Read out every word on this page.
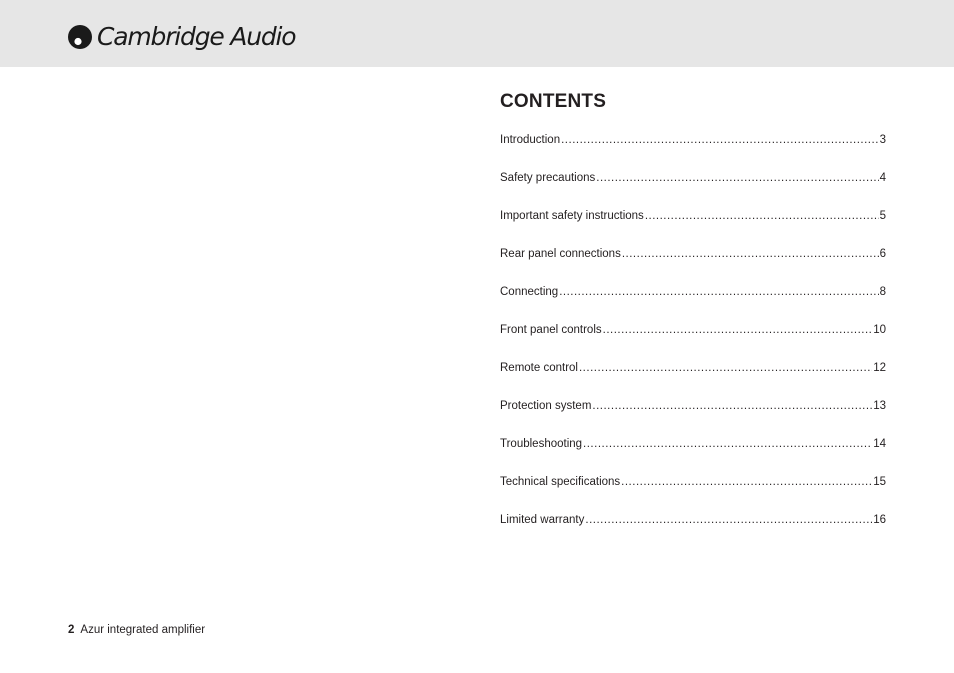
Cambridge Audio
CONTENTS
Introduction .....	3
Safety precautions .....	4
Important safety instructions .....	5
Rear panel connections .....	6
Connecting .....	8
Front panel controls .....	10
Remote control .....	12
Protection system .....	13
Troubleshooting .....	14
Technical specifications .....	15
Limited warranty .....	16
2 Azur integrated amplifier
